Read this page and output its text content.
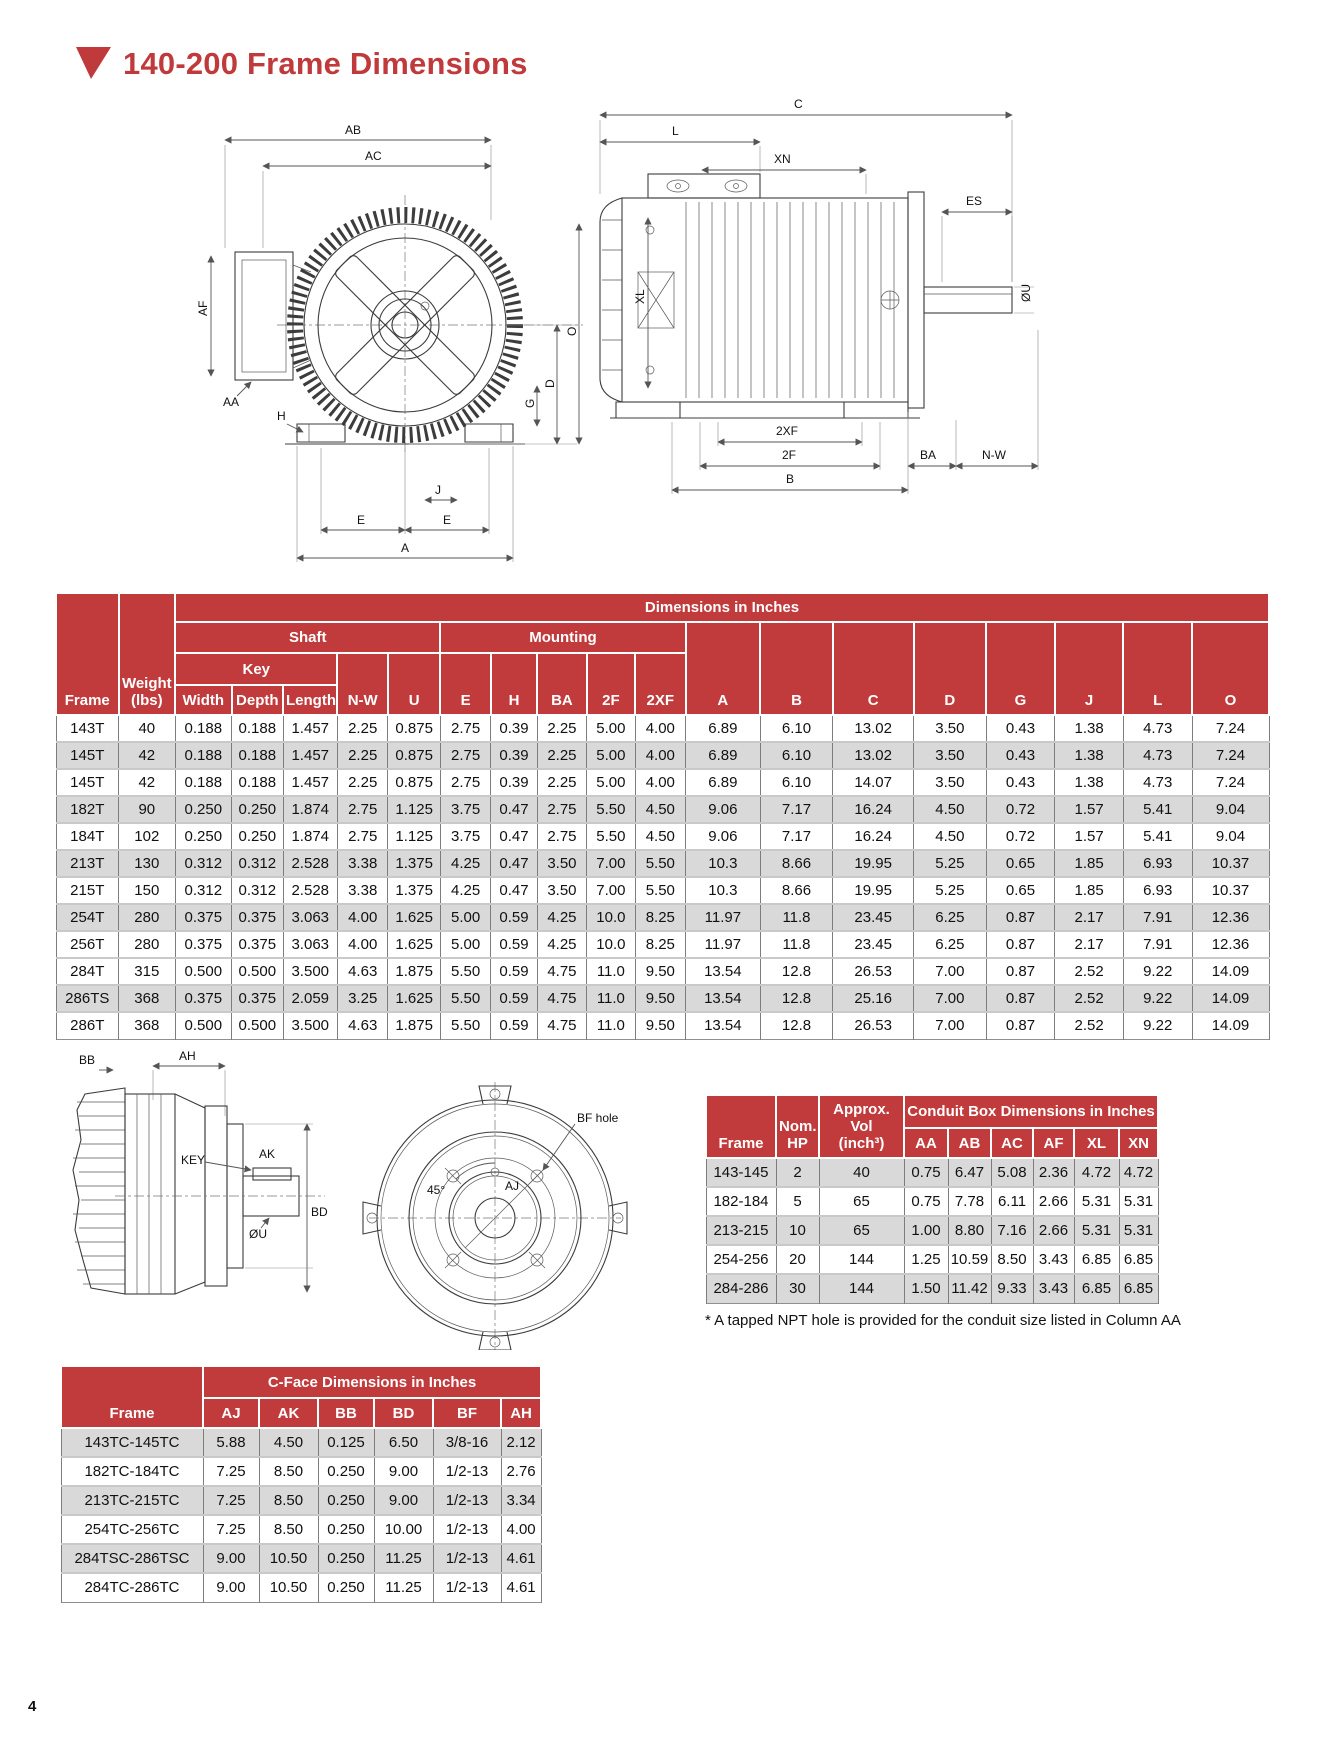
140-200 Frame Dimensions
AB
AC
AF
AA
H
J
E	E
A
G
D
O
C
L
XN
ES
XL	ØU
2XF
2F
B
BA	N-W
Frame	Weight
(lbs)	Dimensions in Inches																	
		Shaft					Mounting					A	B	C	D	G	J	L	O
		Key			N-W	U	E	H	BA	2F	2XF								
		Width	Depth	Length															
143T	40	0.188	0.188	1.457	2.25	0.875	2.75	0.39	2.25	5.00	4.00	6.89	6.10	13.02	3.50	0.43	1.38	4.73	7.24
145T	42	0.188	0.188	1.457	2.25	0.875	2.75	0.39	2.25	5.00	4.00	6.89	6.10	13.02	3.50	0.43	1.38	4.73	7.24
145T	42	0.188	0.188	1.457	2.25	0.875	2.75	0.39	2.25	5.00	4.00	6.89	6.10	14.07	3.50	0.43	1.38	4.73	7.24
182T	90	0.250	0.250	1.874	2.75	1.125	3.75	0.47	2.75	5.50	4.50	9.06	7.17	16.24	4.50	0.72	1.57	5.41	9.04
184T	102	0.250	0.250	1.874	2.75	1.125	3.75	0.47	2.75	5.50	4.50	9.06	7.17	16.24	4.50	0.72	1.57	5.41	9.04
213T	130	0.312	0.312	2.528	3.38	1.375	4.25	0.47	3.50	7.00	5.50	10.3	8.66	19.95	5.25	0.65	1.85	6.93	10.37
215T	150	0.312	0.312	2.528	3.38	1.375	4.25	0.47	3.50	7.00	5.50	10.3	8.66	19.95	5.25	0.65	1.85	6.93	10.37
254T	280	0.375	0.375	3.063	4.00	1.625	5.00	0.59	4.25	10.0	8.25	11.97	11.8	23.45	6.25	0.87	2.17	7.91	12.36
256T	280	0.375	0.375	3.063	4.00	1.625	5.00	0.59	4.25	10.0	8.25	11.97	11.8	23.45	6.25	0.87	2.17	7.91	12.36
284T	315	0.500	0.500	3.500	4.63	1.875	5.50	0.59	4.75	11.0	9.50	13.54	12.8	26.53	7.00	0.87	2.52	9.22	14.09
286TS	368	0.375	0.375	2.059	3.25	1.625	5.50	0.59	4.75	11.0	9.50	13.54	12.8	25.16	7.00	0.87	2.52	9.22	14.09
286T	368	0.500	0.500	3.500	4.63	1.875	5.50	0.59	4.75	11.0	9.50	13.54	12.8	26.53	7.00	0.87	2.52	9.22	14.09
AH
BB
KEY	AK
ØU
BD
45°	AJ
BF hole
Frame	
Nom.
HP

Approx. Vol
(inch³)
	Conduit Box Dimensions in Inches
			AA	AB	AC	AF	XL	XN
143-145	2	40	0.75	6.47	5.08	2.36	4.72	4.72
182-184	5	65	0.75	7.78	6.11	2.66	5.31	5.31
213-215	10	65	1.00	8.80	7.16	2.66	5.31	5.31
254-256	20	144	1.25	10.59	8.50	3.43	6.85	6.85
284-286	30	144	1.50	11.42	9.33	3.43	6.85	6.85
* A tapped NPT hole is provided for the conduit size listed in Column AA
Frame	C-Face Dimensions in Inches					
	AJ	AK	BB	BD	BF	AH
143TC-145TC	5.88	4.50	0.125	6.50	3/8-16	2.12
182TC-184TC	7.25	8.50	0.250	9.00	1/2-13	2.76
213TC-215TC	7.25	8.50	0.250	9.00	1/2-13	3.34
254TC-256TC	7.25	8.50	0.250	10.00	1/2-13	4.00
284TSC-286TSC	9.00	10.50	0.250	11.25	1/2-13	4.61
284TC-286TC	9.00	10.50	0.250	11.25	1/2-13	4.61
4
